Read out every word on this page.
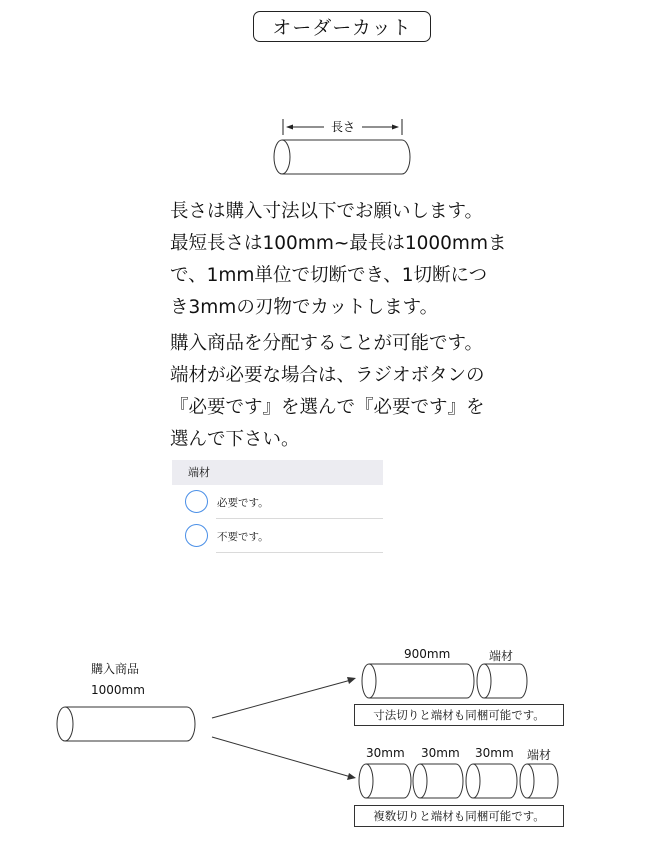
オーダーカット
長さ
長さは購入寸法以下でお願いします。
最短長さは100mm~最長は1000mmま
で、1mm単位で切断でき、1切断につ
き3mmの刃物でカットします。
購入商品を分配することが可能です。
端材が必要な場合は、ラジオボタンの
『必要です』を選んで『必要です』を
選んで下さい。
端材
必要です。
不要です。
購入商品
1000mm
900mm	端材
寸法切りと端材も同梱可能です。
30mm 30mm 30mm 端材
複数切りと端材も同梱可能です。
